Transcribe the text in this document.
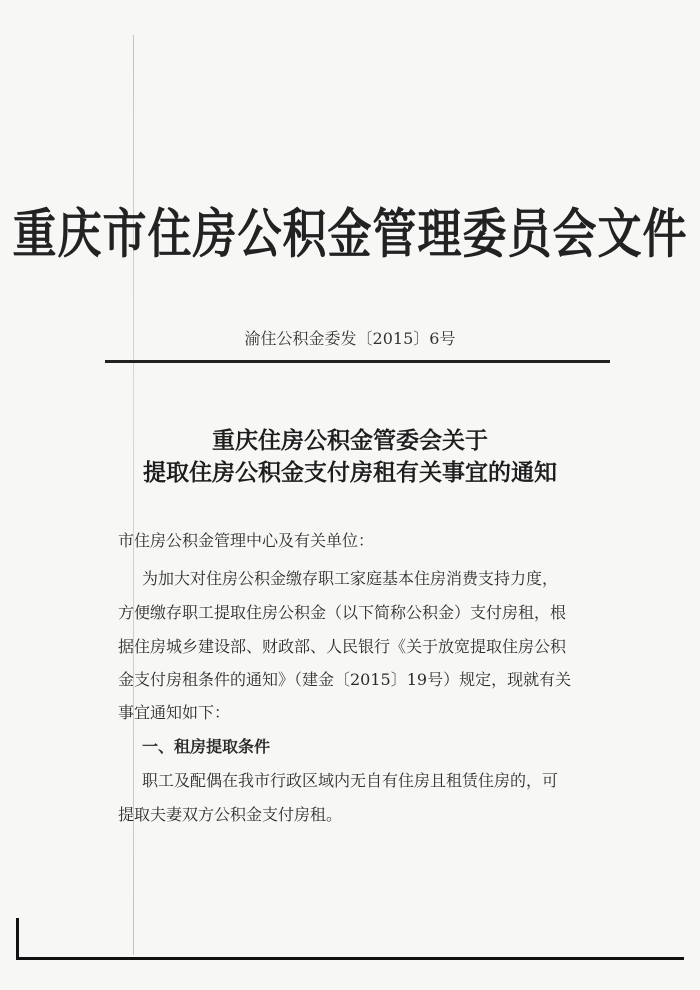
重庆市住房公积金管理委员会文件
渝住公积金委发〔2015〕6号
重庆住房公积金管委会关于
提取住房公积金支付房租有关事宜的通知
市住房公积金管理中心及有关单位：
为加大对住房公积金缴存职工家庭基本住房消费支持力度，
方便缴存职工提取住房公积金（以下简称公积金）支付房租，根
据住房城乡建设部、财政部、人民银行《关于放宽提取住房公积
金支付房租条件的通知》（建金〔2015〕19号）规定，现就有关
事宜通知如下：
一、租房提取条件
职工及配偶在我市行政区域内无自有住房且租赁住房的，可
提取夫妻双方公积金支付房租。
